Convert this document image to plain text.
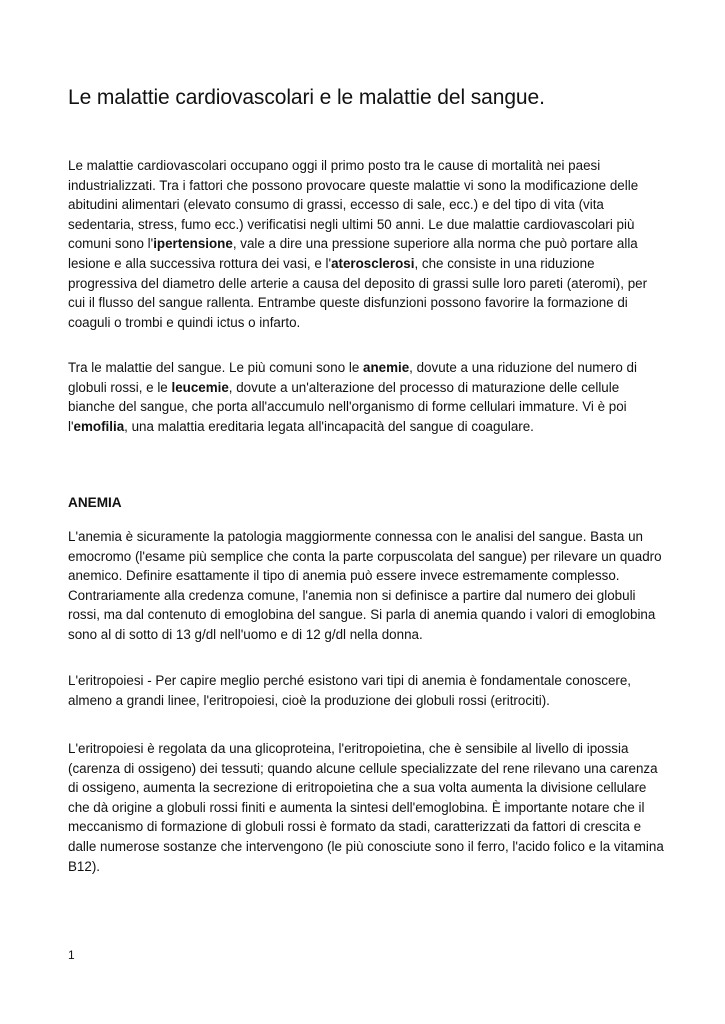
Le malattie cardiovascolari e le malattie del sangue.

Le malattie cardiovascolari occupano oggi il primo posto tra le cause di mortalità nei paesi industrializzati. Tra i fattori che possono provocare queste malattie vi sono la modificazione delle abitudini alimentari (elevato consumo di grassi, eccesso di sale, ecc.) e del tipo di vita (vita sedentaria, stress, fumo ecc.) verificatisi negli ultimi 50 anni. Le due malattie cardiovascolari più comuni sono l'ipertensione, vale a dire una pressione superiore alla norma che può portare alla lesione e alla successiva rottura dei vasi, e l'aterosclerosi, che consiste in una riduzione progressiva del diametro delle arterie a causa del deposito di grassi sulle loro pareti (ateromi), per cui il flusso del sangue rallenta. Entrambe queste disfunzioni possono favorire la formazione di coaguli o trombi e quindi ictus o infarto.

Tra le malattie del sangue. Le più comuni sono le anemie, dovute a una riduzione del numero di globuli rossi, e le leucemie, dovute a un'alterazione del processo di maturazione delle cellule bianche del sangue, che porta all'accumulo nell'organismo di forme cellulari immature. Vi è poi l'emofilia, una malattia ereditaria legata all'incapacità del sangue di coagulare.

ANEMIA

L'anemia è sicuramente la patologia maggiormente connessa con le analisi del sangue. Basta un emocromo (l'esame più semplice che conta la parte corpuscolata del sangue) per rilevare un quadro anemico. Definire esattamente il tipo di anemia può essere invece estremamente complesso. Contrariamente alla credenza comune, l'anemia non si definisce a partire dal numero dei globuli rossi, ma dal contenuto di emoglobina del sangue. Si parla di anemia quando i valori di emoglobina sono al di sotto di 13 g/dl nell'uomo e di 12 g/dl nella donna.

L'eritropoiesi - Per capire meglio perché esistono vari tipi di anemia è fondamentale conoscere, almeno a grandi linee, l'eritropoiesi, cioè la produzione dei globuli rossi (eritrociti).

L'eritropoiesi è regolata da una glicoproteina, l'eritropoietina, che è sensibile al livello di ipossia (carenza di ossigeno) dei tessuti; quando alcune cellule specializzate del rene rilevano una carenza di ossigeno, aumenta la secrezione di eritropoietina che a sua volta aumenta la divisione cellulare che dà origine a globuli rossi finiti e aumenta la sintesi dell'emoglobina. È importante notare che il meccanismo di formazione di globuli rossi è formato da stadi, caratterizzati da fattori di crescita e dalle numerose sostanze che intervengono (le più conosciute sono il ferro, l'acido folico e la vitamina B12).

1
